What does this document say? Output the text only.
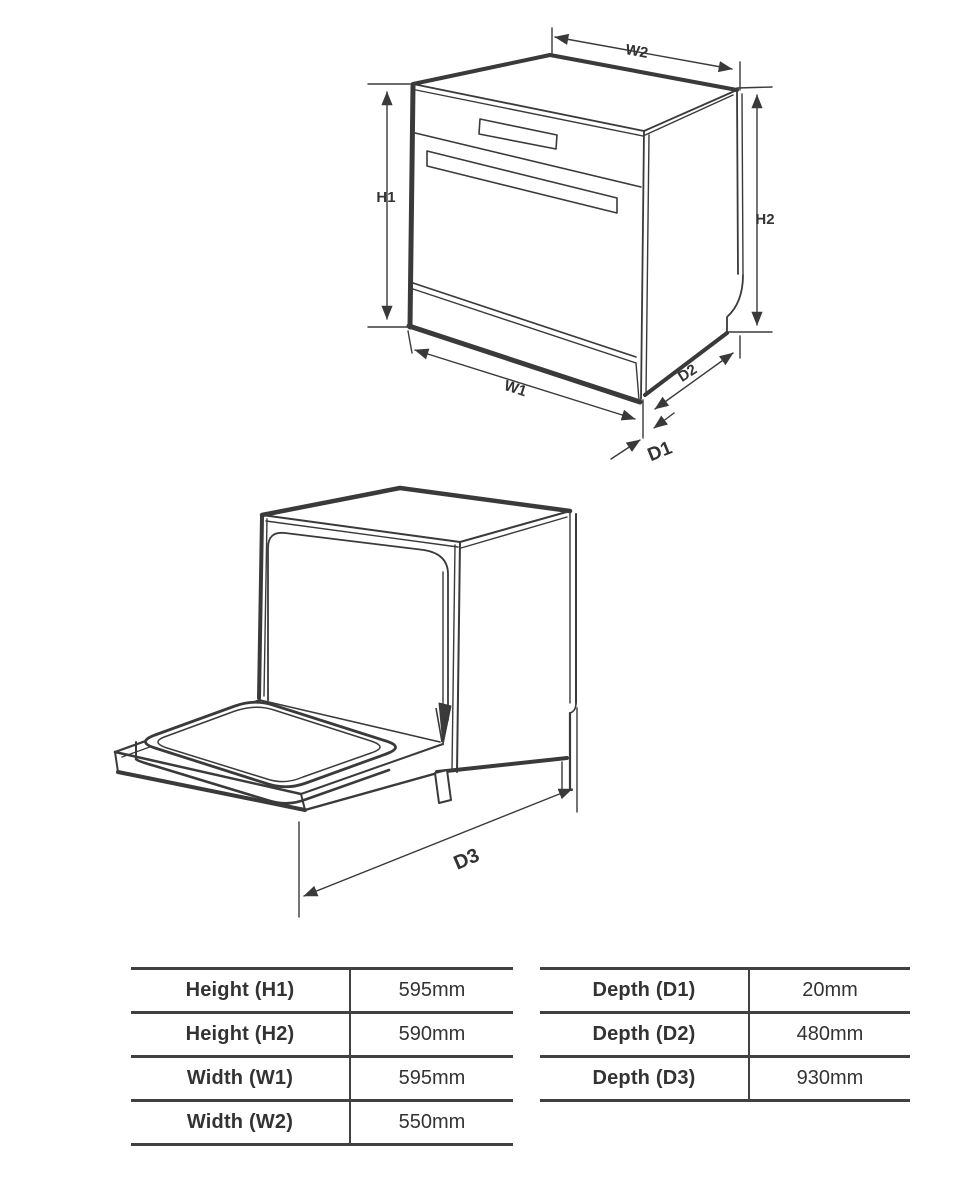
W2
H1
H2
W1
D2
D1
D3
Height (H1)	595mm
Height (H2)	590mm
Width (W1)	595mm
Width (W2)	550mm
Depth (D1)	20mm
Depth (D2)	480mm
Depth (D3)	930mm
